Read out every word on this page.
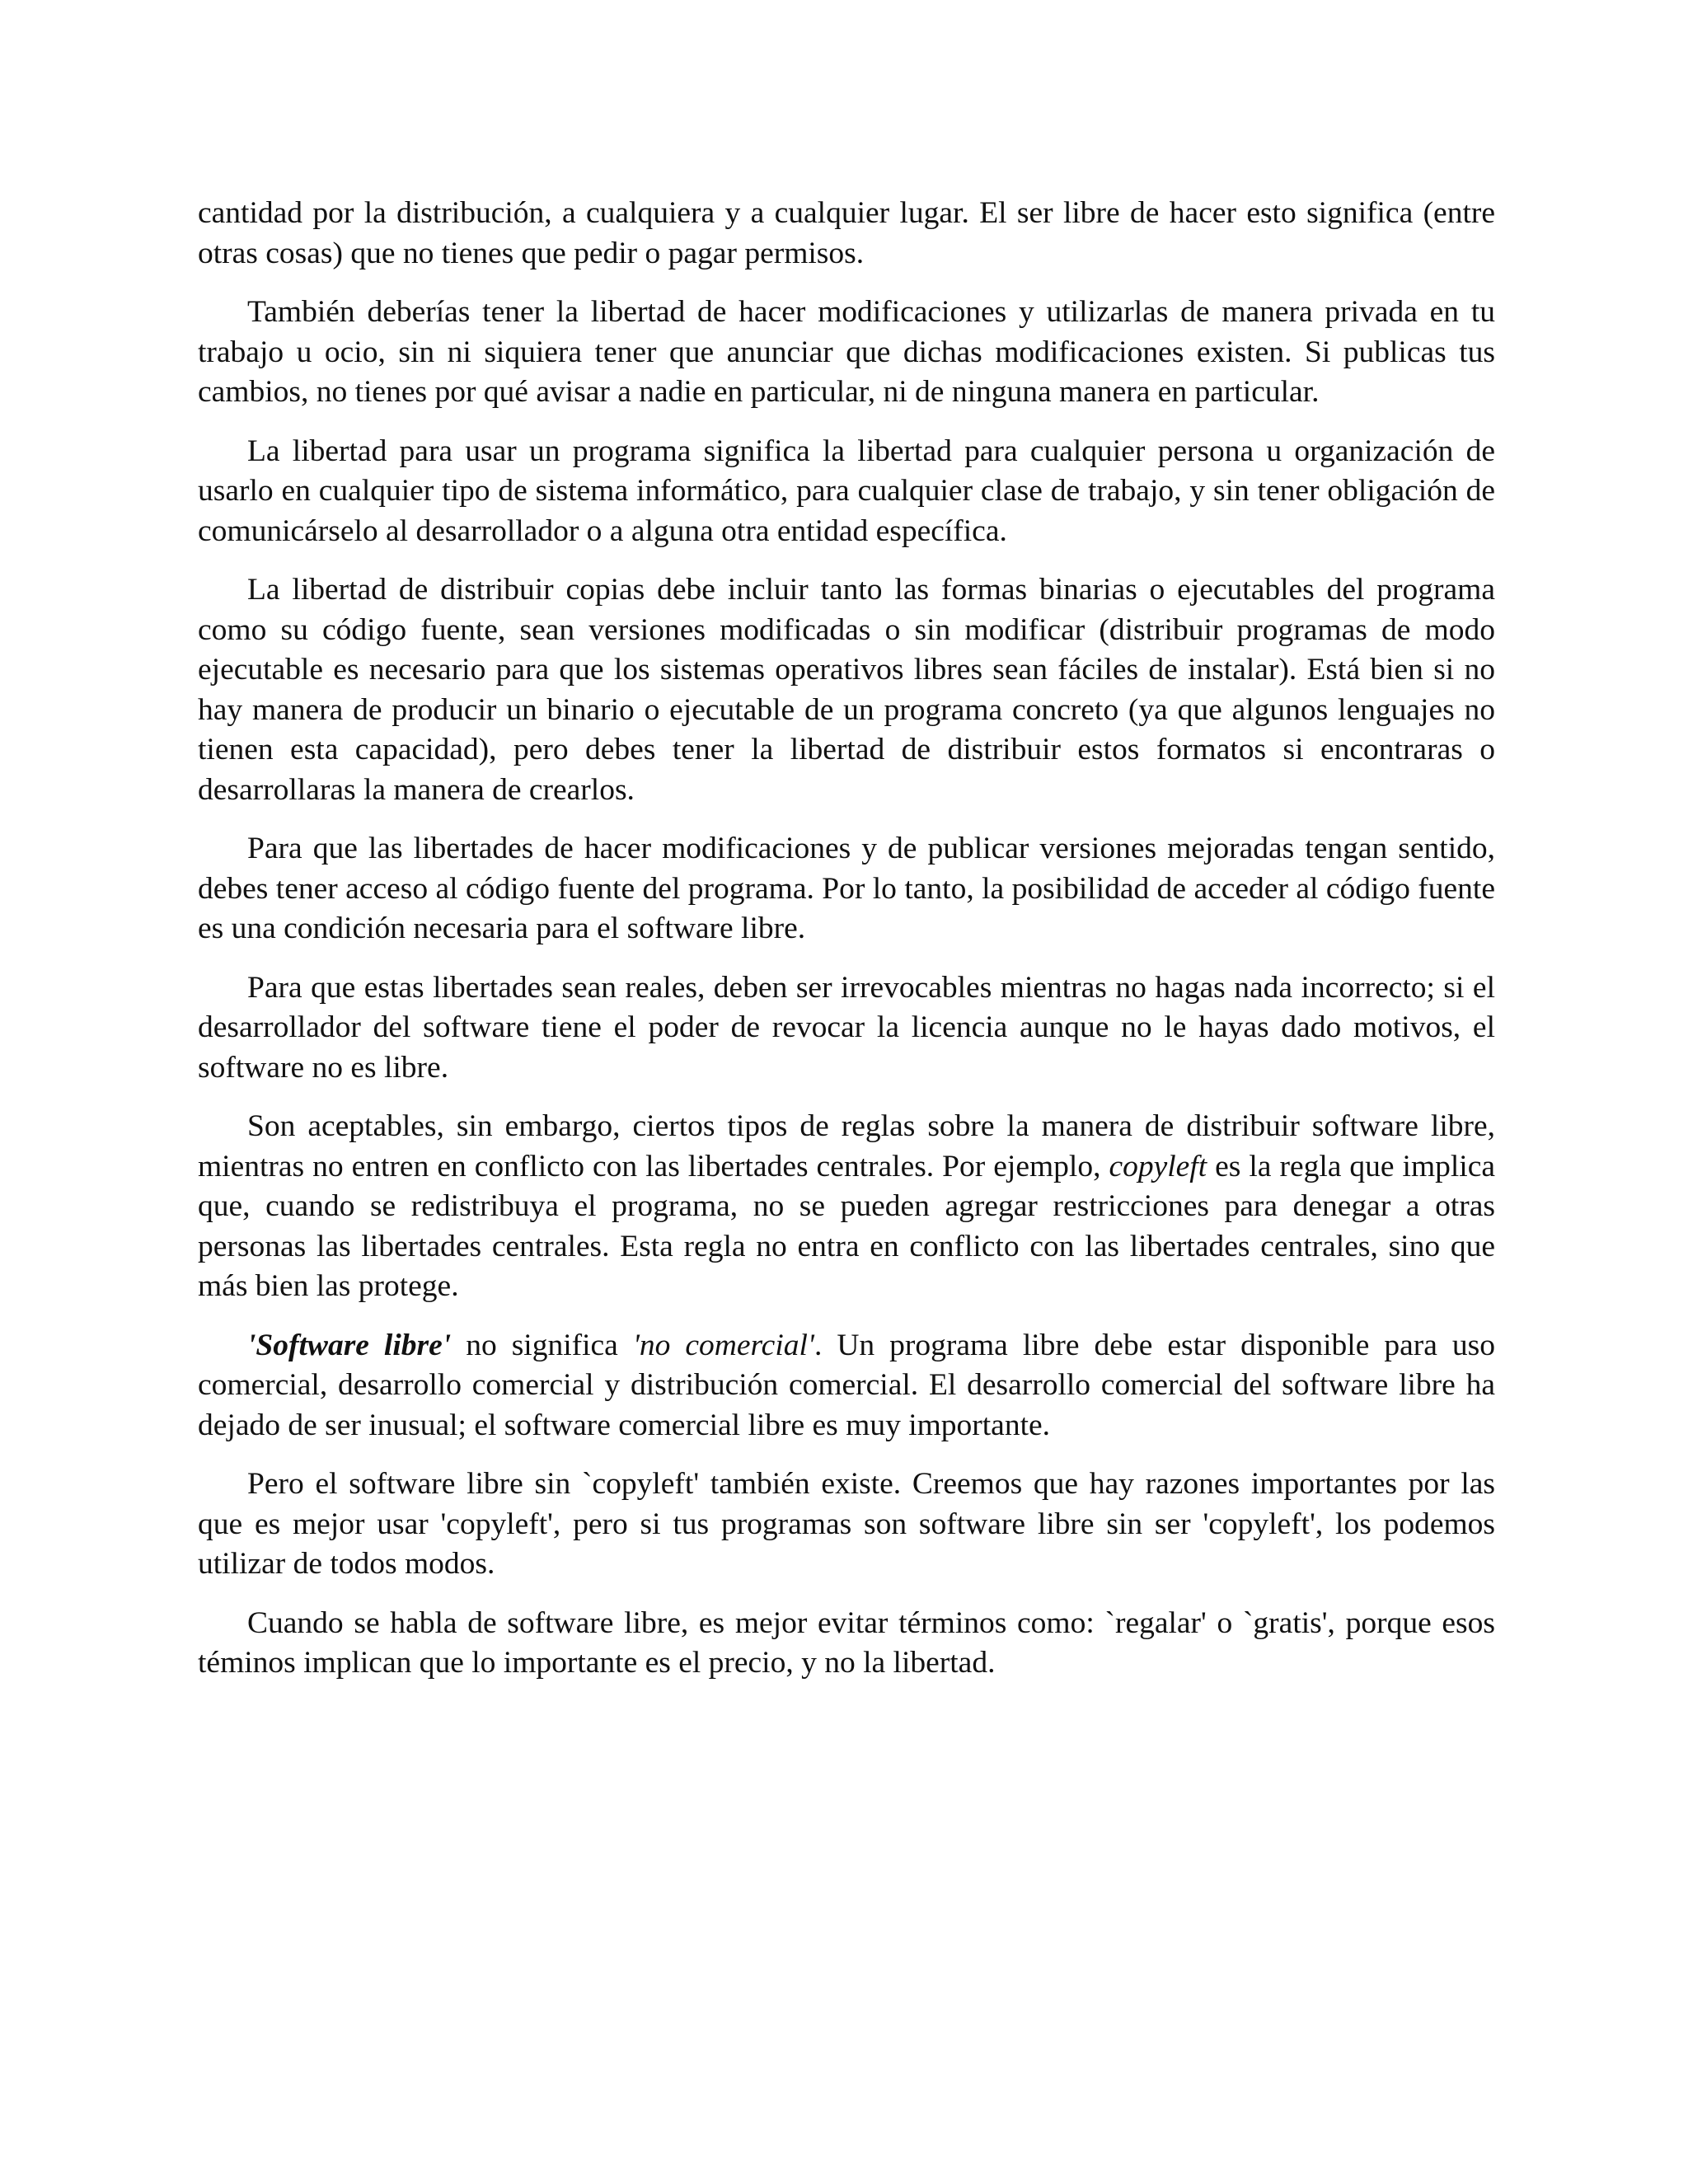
cantidad por la distribución, a cualquiera y a cualquier lugar. El ser libre de hacer esto significa (entre otras cosas) que no tienes que pedir o pagar permisos.

También deberías tener la libertad de hacer modificaciones y utilizarlas de manera privada en tu trabajo u ocio, sin ni siquiera tener que anunciar que dichas modificaciones existen. Si publicas tus cambios, no tienes por qué avisar a nadie en particular, ni de ninguna manera en particular.

La libertad para usar un programa significa la libertad para cualquier persona u organización de usarlo en cualquier tipo de sistema informático, para cualquier clase de trabajo, y sin tener obligación de comunicárselo al desarrollador o a alguna otra entidad específica.

La libertad de distribuir copias debe incluir tanto las formas binarias o ejecutables del programa como su código fuente, sean versiones modificadas o sin modificar (distribuir programas de modo ejecutable es necesario para que los sistemas operativos libres sean fáciles de instalar). Está bien si no hay manera de producir un binario o ejecutable de un programa concreto (ya que algunos lenguajes no tienen esta capacidad), pero debes tener la libertad de distribuir estos formatos si encontraras o desarrollaras la manera de crearlos.

Para que las libertades de hacer modificaciones y de publicar versiones mejoradas tengan sentido, debes tener acceso al código fuente del programa. Por lo tanto, la posibilidad de acceder al código fuente es una condición necesaria para el software libre.

Para que estas libertades sean reales, deben ser irrevocables mientras no hagas nada incorrecto; si el desarrollador del software tiene el poder de revocar la licencia aunque no le hayas dado motivos, el software no es libre.

Son aceptables, sin embargo, ciertos tipos de reglas sobre la manera de distribuir software libre, mientras no entren en conflicto con las libertades centrales. Por ejemplo, copyleft es la regla que implica que, cuando se redistribuya el programa, no se pueden agregar restricciones para denegar a otras personas las libertades centrales. Esta regla no entra en conflicto con las libertades centrales, sino que más bien las protege.

'Software libre' no significa 'no comercial'. Un programa libre debe estar disponible para uso comercial, desarrollo comercial y distribución comercial. El desarrollo comercial del software libre ha dejado de ser inusual; el software comercial libre es muy importante.

Pero el software libre sin `copyleft' también existe. Creemos que hay razones importantes por las que es mejor usar 'copyleft', pero si tus programas son software libre sin ser 'copyleft', los podemos utilizar de todos modos.

Cuando se habla de software libre, es mejor evitar términos como: `regalar' o `gratis', porque esos téminos implican que lo importante es el precio, y no la libertad.
